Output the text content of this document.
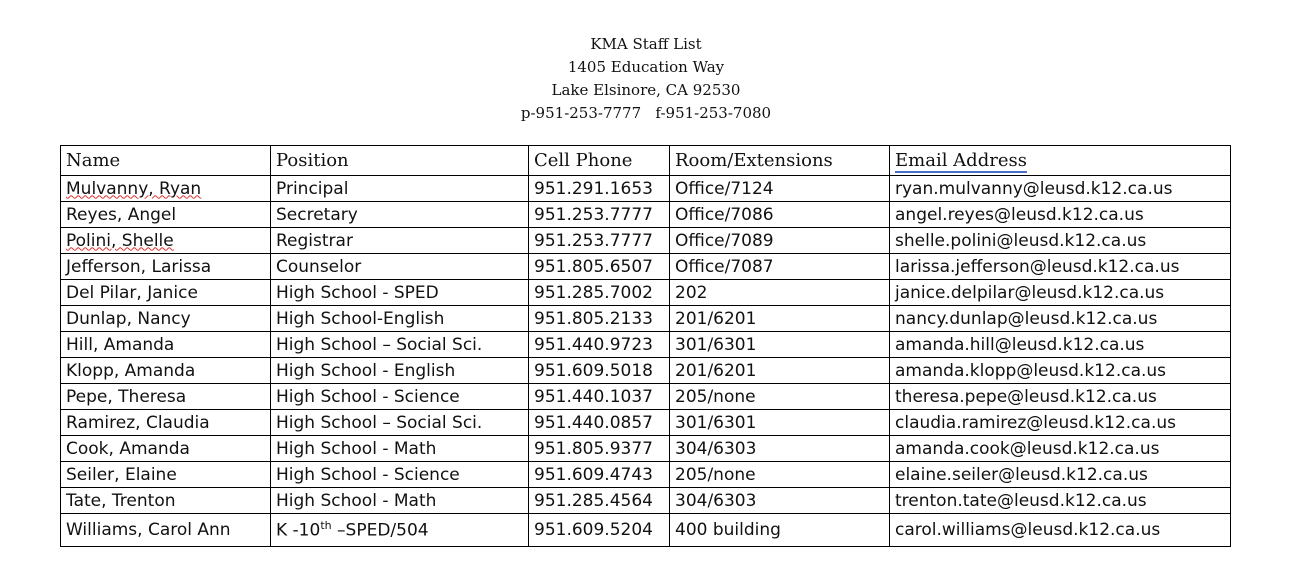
KMA Staff List
1405 Education Way
Lake Elsinore, CA 92530
p-951-253-7777   f-951-253-7080
Name	Position	Cell Phone	Room/Extensions	Email Address
Mulvanny, Ryan	Principal	951.291.1653	Office/7124	ryan.mulvanny@leusd.k12.ca.us
Reyes, Angel	Secretary	951.253.7777	Office/7086	angel.reyes@leusd.k12.ca.us
Polini, Shelle	Registrar	951.253.7777	Office/7089	shelle.polini@leusd.k12.ca.us
Jefferson, Larissa	Counselor	951.805.6507	Office/7087	larissa.jefferson@leusd.k12.ca.us
Del Pilar, Janice	High School - SPED	951.285.7002	202	janice.delpilar@leusd.k12.ca.us
Dunlap, Nancy	High School-English	951.805.2133	201/6201	nancy.dunlap@leusd.k12.ca.us
Hill, Amanda	High School – Social Sci.	951.440.9723	301/6301	amanda.hill@leusd.k12.ca.us
Klopp, Amanda	High School - English	951.609.5018	201/6201	amanda.klopp@leusd.k12.ca.us
Pepe, Theresa	High School - Science	951.440.1037	205/none	theresa.pepe@leusd.k12.ca.us
Ramirez, Claudia	High School – Social Sci.	951.440.0857	301/6301	claudia.ramirez@leusd.k12.ca.us
Cook, Amanda	High School - Math	951.805.9377	304/6303	amanda.cook@leusd.k12.ca.us
Seiler, Elaine	High School - Science	951.609.4743	205/none	elaine.seiler@leusd.k12.ca.us
Tate, Trenton	High School - Math	951.285.4564	304/6303	trenton.tate@leusd.k12.ca.us
Williams, Carol Ann	K -10th –SPED/504	951.609.5204	400 building	carol.williams@leusd.k12.ca.us
